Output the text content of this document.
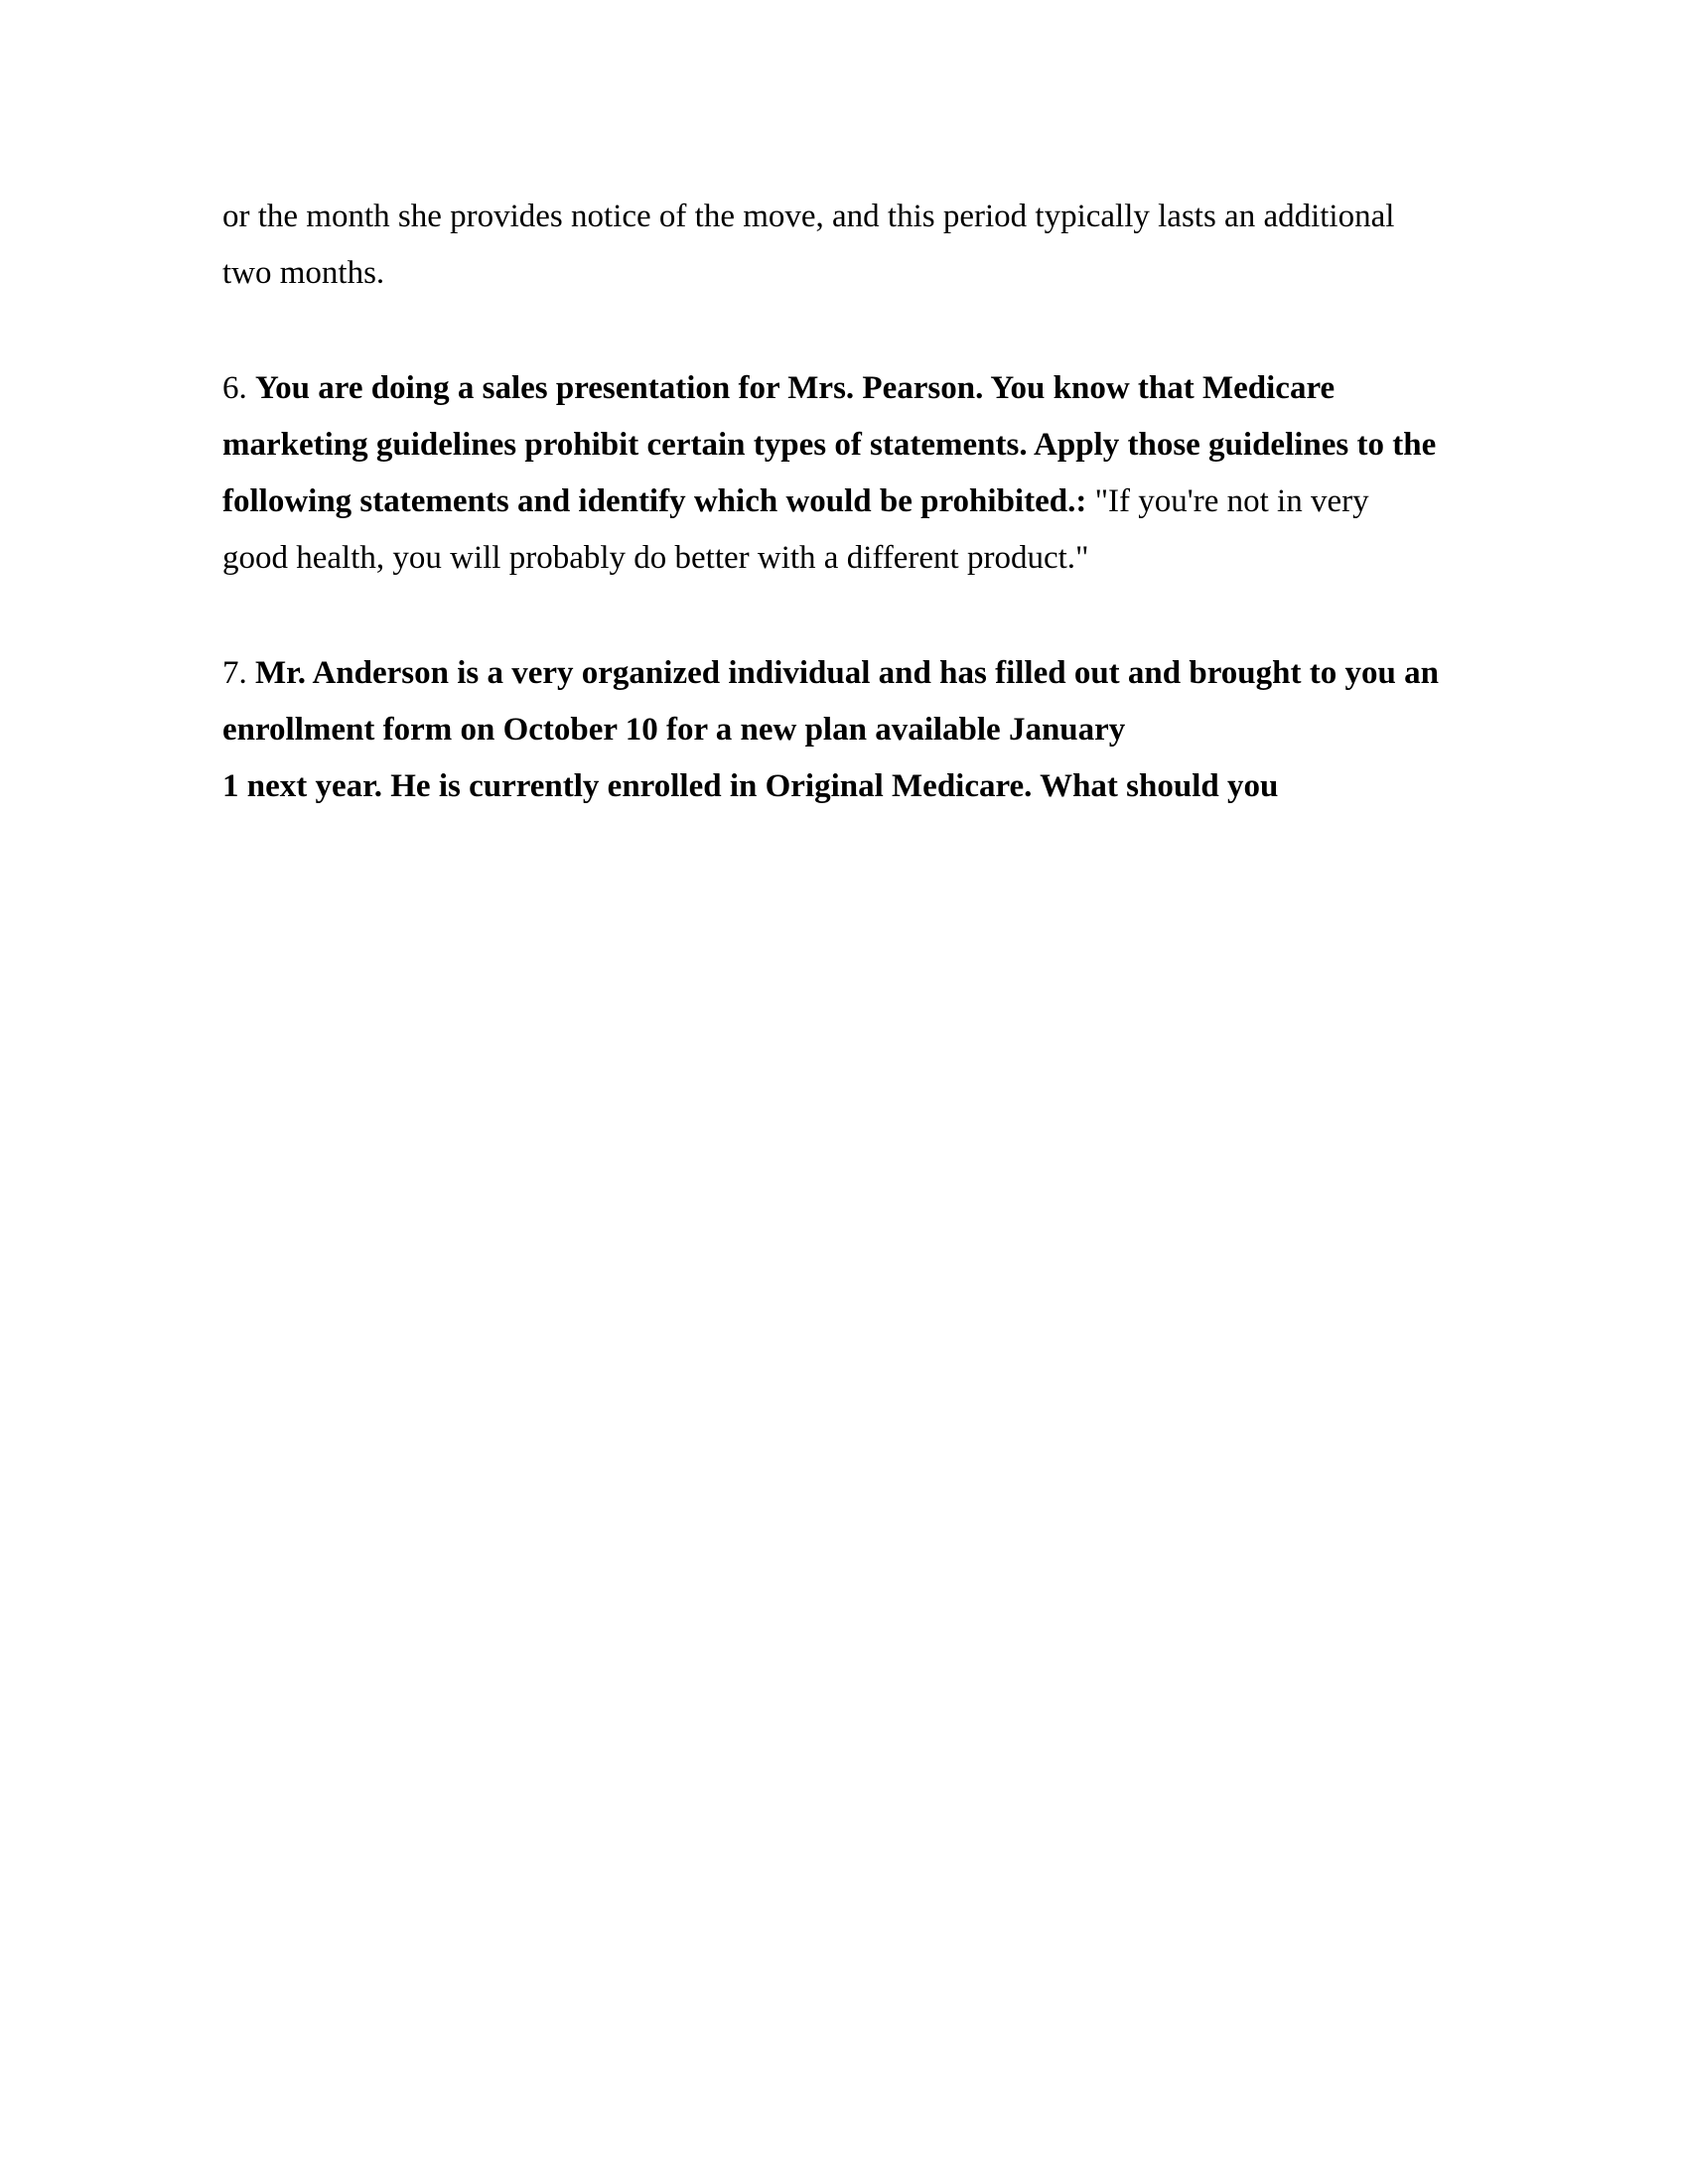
or the month she provides notice of the move, and this period typically lasts an additional
two months.
6. You are doing a sales presentation for Mrs. Pearson. You know that Medicare
marketing guidelines prohibit certain types of statements. Apply those guidelines to the
following statements and identify which would be prohibited.: "If you're not in very
good health, you will probably do better with a different product."
7. Mr. Anderson is a very organized individual and has filled out and brought to you an
enrollment form on October 10 for a new plan available January
1 next year. He is currently enrolled in Original Medicare. What should you
